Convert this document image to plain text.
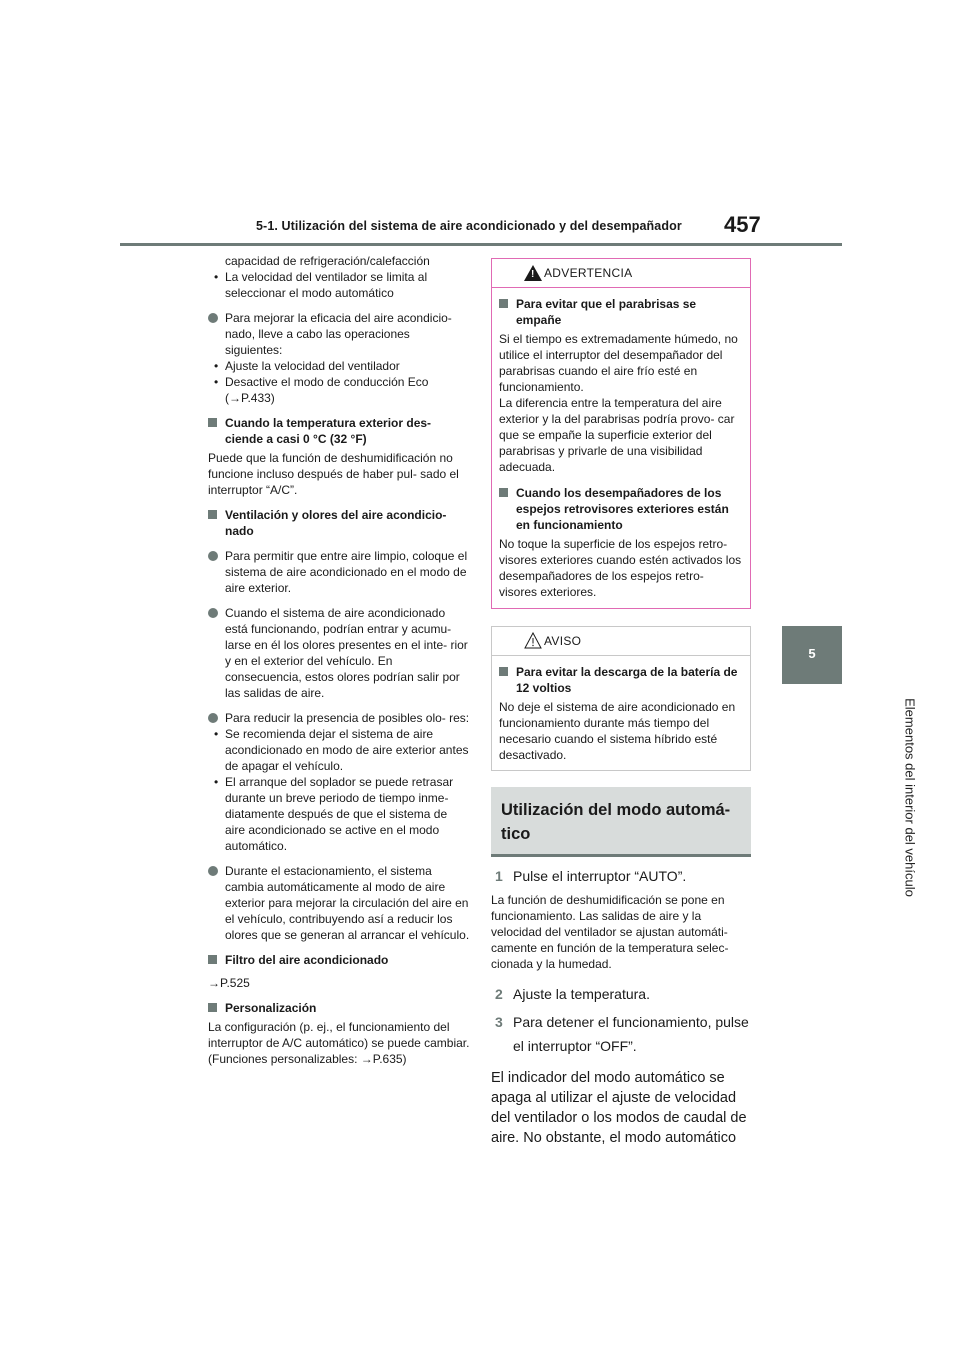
5-1. Utilización del sistema de aire acondicionado y del desempañador 457
5
Elementos del interior del vehículo
capacidad de refrigeración/calefacción
• La velocidad del ventilador se limita al seleccionar el modo automático
Para mejorar la eficacia del aire acondicio- nado, lleve a cabo las operaciones siguientes:
• Ajuste la velocidad del ventilador
• Desactive el modo de conducción Eco (→P.433)
Cuando la temperatura exterior des- ciende a casi 0 °C (32 °F)
Puede que la función de deshumidificación no funcione incluso después de haber pul- sado el interruptor “A/C”.
Ventilación y olores del aire acondicio- nado
Para permitir que entre aire limpio, coloque el sistema de aire acondicionado en el modo de aire exterior.
Cuando el sistema de aire acondicionado está funcionando, podrían entrar y acumu- larse en él los olores presentes en el inte- rior y en el exterior del vehículo. En consecuencia, estos olores podrían salir por las salidas de aire.
Para reducir la presencia de posibles olo- res:
• Se recomienda dejar el sistema de aire acondicionado en modo de aire exterior antes de apagar el vehículo.
• El arranque del soplador se puede retrasar durante un breve periodo de tiempo inme- diatamente después de que el sistema de aire acondicionado se active en el modo automático.
Durante el estacionamiento, el sistema cambia automáticamente al modo de aire exterior para mejorar la circulación del aire en el vehículo, contribuyendo así a reducir los olores que se generan al arrancar el vehículo.
Filtro del aire acondicionado
→P.525
Personalización
La configuración (p. ej., el funcionamiento del interruptor de A/C automático) se puede cambiar.
(Funciones personalizables: →P.635)
! ADVERTENCIA
Para evitar que el parabrisas se empañe
Si el tiempo es extremadamente húmedo, no utilice el interruptor del desempañador del parabrisas cuando el aire frío esté en funcionamiento.
La diferencia entre la temperatura del aire exterior y la del parabrisas podría provo- car que se empañe la superficie exterior del parabrisas y privarle de una visibilidad adecuada.
Cuando los desempañadores de los espejos retrovisores exteriores están en funcionamiento
No toque la superficie de los espejos retro- visores exteriores cuando estén activados los desempañadores de los espejos retro- visores exteriores.
AVISO
Para evitar la descarga de la batería de 12 voltios
No deje el sistema de aire acondicionado en funcionamiento durante más tiempo del necesario cuando el sistema híbrido esté desactivado.
Utilización del modo automá- tico
1 Pulse el interruptor “AUTO”.
La función de deshumidificación se pone en funcionamiento. Las salidas de aire y la velocidad del ventilador se ajustan automáti- camente en función de la temperatura selec- cionada y la humedad.
2 Ajuste la temperatura.
3 Para detener el funcionamiento, pulse el interruptor “OFF”.
El indicador del modo automático se apaga al utilizar el ajuste de velocidad del ventilador o los modos de caudal de aire. No obstante, el modo automático
